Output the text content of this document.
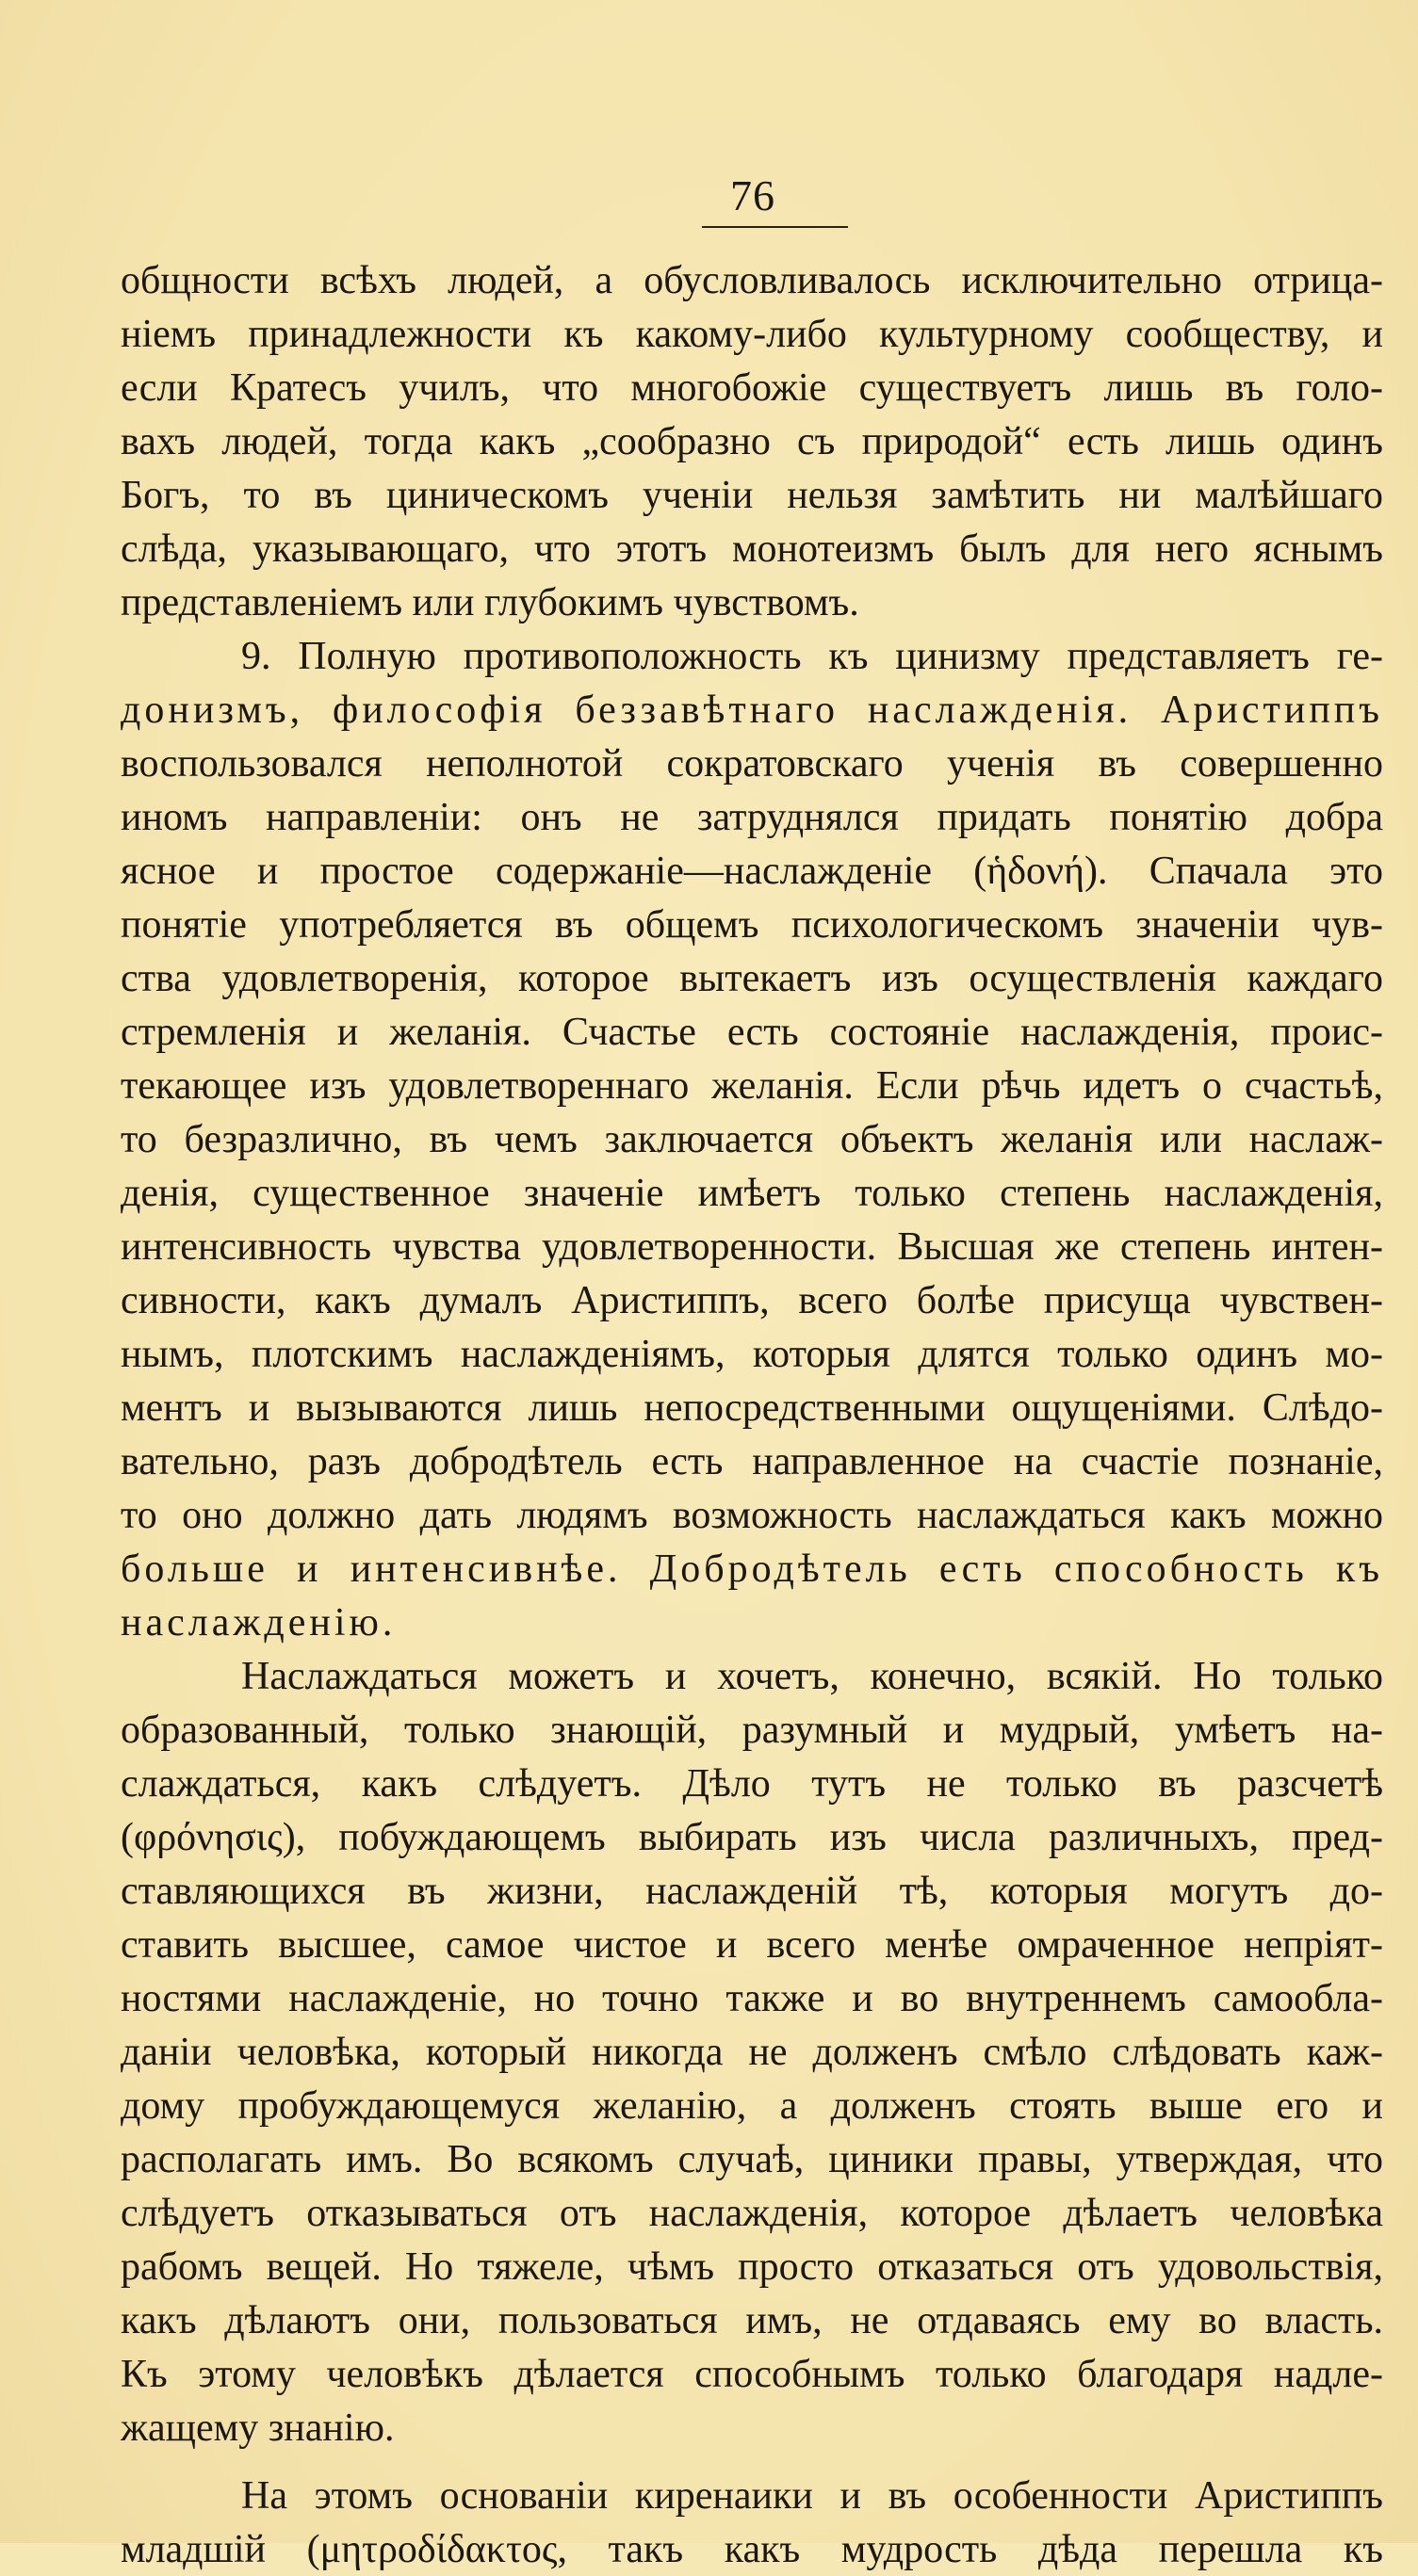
76
общности всѣхъ людей, а обусловливалось исключительно отрица-
ніемъ принадлежности къ какому-либо культурному сообществу, и
если Кратесъ училъ, что многобожіе существуетъ лишь въ голо-
вахъ людей, тогда какъ „сообразно съ природой“ есть лишь одинъ
Богъ, то въ циническомъ ученіи нельзя замѣтить ни малѣйшаго
слѣда, указывающаго, что этотъ монотеизмъ былъ для него яснымъ
представленіемъ или глубокимъ чувствомъ.
9. Полную противоположность къ цинизму представляетъ ге-
донизмъ, философія беззавѣтнаго наслажденія. Аристиппъ
воспользовался неполнотой сократовскаго ученія въ совершенно
иномъ направленіи: онъ не затруднялся придать понятію добра
ясное и простое содержаніе—наслажденіе (ἡδονή). Спачала это
понятіе употребляется въ общемъ психологическомъ значеніи чув-
ства удовлетворенія, которое вытекаетъ изъ осуществленія каждаго
стремленія и желанія. Счастье есть состояніе наслажденія, проис-
текающее изъ удовлетвореннаго желанія. Если рѣчь идетъ о счастьѣ,
то безразлично, въ чемъ заключается объектъ желанія или наслаж-
денія, существенное значеніе имѣетъ только степень наслажденія,
интенсивность чувства удовлетворенности. Высшая же степень интен-
сивности, какъ думалъ Аристиппъ, всего болѣе присуща чувствен-
нымъ, плотскимъ наслажденіямъ, которыя длятся только одинъ мо-
ментъ и вызываются лишь непосредственными ощущеніями. Слѣдо-
вательно, разъ добродѣтель есть направленное на счастіе познаніе,
то оно должно дать людямъ возможность наслаждаться какъ можно
больше и интенсивнѣе. Добродѣтель есть способность къ
наслажденію.
Наслаждаться можетъ и хочетъ, конечно, всякій. Но только
образованный, только знающій, разумный и мудрый, умѣетъ на-
слаждаться, какъ слѣдуетъ. Дѣло тутъ не только въ разсчетѣ
(φρόνησις), побуждающемъ выбирать изъ числа различныхъ, пред-
ставляющихся въ жизни, наслажденій тѣ, которыя могутъ до-
ставить высшее, самое чистое и всего менѣе омраченное непріят-
ностями наслажденіе, но точно также и во внутреннемъ самообла-
даніи человѣка, который никогда не долженъ смѣло слѣдовать каж-
дому пробуждающемуся желанію, а долженъ стоять выше его и
располагать имъ. Во всякомъ случаѣ, циники правы, утверждая, что
слѣдуетъ отказываться отъ наслажденія, которое дѣлаетъ человѣка
рабомъ вещей. Но тяжеле, чѣмъ просто отказаться отъ удовольствія,
какъ дѣлаютъ они, пользоваться имъ, не отдаваясь ему во власть.
Къ этому человѣкъ дѣлается способнымъ только благодаря надле-
жащему знанію.
На этомъ основаніи киренаики и въ особенности Аристиппъ
младшій (μητροδίδακτος, такъ какъ мудрость дѣда перешла къ
